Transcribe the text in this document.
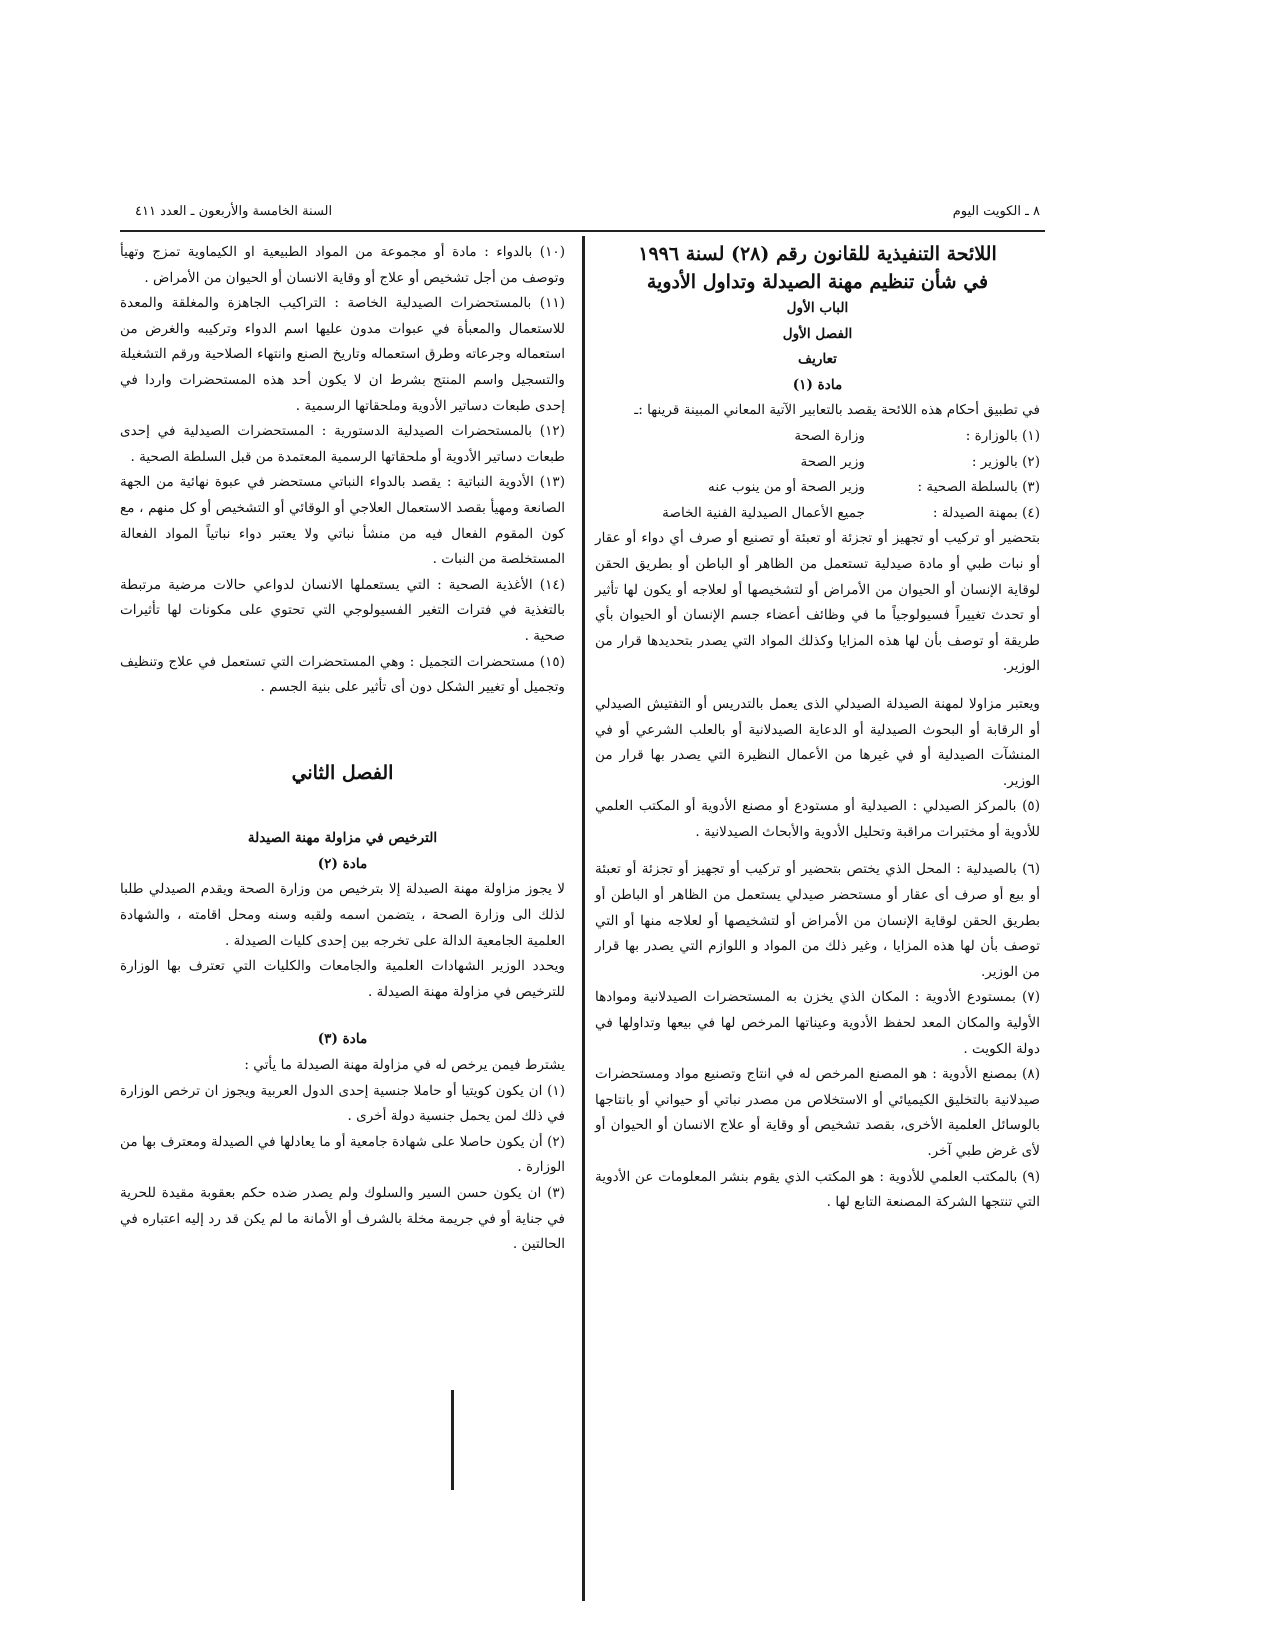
٨ ـ الكويت اليوم
السنة الخامسة والأربعون ـ العدد ٤١١

اللائحة التنفيذية للقانون رقم (٢٨) لسنة ١٩٩٦

في شأن تنظيم مهنة الصيدلة وتداول الأدوية

الباب الأول

الفصل الأول

تعاريف

مادة (١)

في تطبيق أحكام هذه اللائحة يقصد بالتعابير الآتية المعاني المبينة قرينها :ـ

(١) بالوزارة :
وزارة الصحة
(٢) بالوزير :
وزير الصحة
(٣) بالسلطة الصحية :
وزير الصحة أو من ينوب عنه
(٤) بمهنة الصيدلة :
جميع الأعمال الصيدلية الفنية الخاصة

بتحضير أو تركيب أو تجهيز أو تجزئة أو تعبئة أو تصنيع أو صرف أي دواء أو عقار أو نبات طبي أو مادة صيدلية تستعمل من الظاهر أو الباطن أو بطريق الحقن لوقاية الإنسان أو الحيوان من الأمراض أو لتشخيصها أو لعلاجه أو يكون لها تأثير أو تحدث تغييراً فسيولوجياً ما في وظائف أعضاء جسم الإنسان أو الحيوان بأي طريقة أو توصف بأن لها هذه المزايا وكذلك المواد التي يصدر بتحديدها قرار من الوزير.

ويعتبر مزاولا لمهنة الصيدلة الصيدلي الذى يعمل بالتدريس أو التفتيش الصيدلي أو الرقابة أو البحوث الصيدلية أو الدعاية الصيدلانية أو بالعلب الشرعي أو في المنشآت الصيدلية أو في غيرها من الأعمال النظيرة التي يصدر بها قرار من الوزير.

(٥) بالمركز الصيدلي : الصيدلية أو مستودع أو مصنع الأدوية أو المكتب العلمي للأدوية أو مختبرات مراقبة وتحليل الأدوية والأبحاث الصيدلانية .

(٦) بالصيدلية : المحل الذي يختص بتحضير أو تركيب أو تجهيز أو تجزئة أو تعبئة أو بيع أو صرف أى عقار أو مستحضر صيدلي يستعمل من الظاهر أو الباطن أو بطريق الحقن لوقاية الإنسان من الأمراض أو لتشخيصها أو لعلاجه منها أو التي توصف بأن لها هذه المزايا ، وغير ذلك من المواد و اللوازم التي يصدر بها قرار من الوزير.

(٧) بمستودع الأدوية : المكان الذي يخزن به المستحضرات الصيدلانية وموادها الأولية والمكان المعد لحفظ الأدوية وعيناتها المرخص لها في بيعها وتداولها في دولة الكويت .

(٨) بمصنع الأدوية : هو المصنع المرخص له في انتاج وتصنيع مواد ومستحضرات صيدلانية بالتخليق الكيميائي أو الاستخلاص من مصدر نباتي أو حيواني أو بانتاجها بالوسائل العلمية الأخرى، بقصد تشخيص أو وقاية أو علاج الانسان أو الحيوان أو لأى غرض طبي آخر.

(٩) بالمكتب العلمي للأدوية : هو المكتب الذي يقوم بنشر المعلومات عن الأدوية التي تنتجها الشركة المصنعة التابع لها .

(١٠) بالدواء : مادة أو مجموعة من المواد الطبيعية او الكيماوية تمزج وتهيأ وتوصف من أجل تشخيص أو علاج أو وقاية الانسان أو الحيوان من الأمراض .

(١١) بالمستحضرات الصيدلية الخاصة : التراكيب الجاهزة والمغلقة والمعدة للاستعمال والمعبأة في عبوات مدون عليها اسم الدواء وتركيبه والغرض من استعماله وجرعاته وطرق استعماله وتاريخ الصنع وانتهاء الصلاحية ورقم التشغيلة والتسجيل واسم المنتج بشرط ان لا يكون أحد هذه المستحضرات واردا في إحدى طبعات دساتير الأدوية وملحقاتها الرسمية .

(١٢) بالمستحضرات الصيدلية الدستورية : المستحضرات الصيدلية في إحدى طبعات دساتير الأدوية أو ملحقاتها الرسمية المعتمدة من قبل السلطة الصحية .

(١٣) الأدوية النباتية : يقصد بالدواء النباتي مستحضر في عبوة نهائية من الجهة الصانعة ومهيأ بقصد الاستعمال العلاجي أو الوقائي أو التشخيص أو كل منهم ، مع كون المقوم الفعال فيه من منشأ نباتي ولا يعتبر دواء نباتياً المواد الفعالة المستخلصة من النبات .

(١٤) الأغذية الصحية : التي يستعملها الانسان لدواعي حالات مرضية مرتبطة بالتغذية في فترات التغير الفسيولوجي التي تحتوي على مكونات لها تأثيرات صحية .

(١٥) مستحضرات التجميل : وهي المستحضرات التي تستعمل في علاج وتنظيف وتجميل أو تغيير الشكل دون أى تأثير على بنية الجسم .

الفصل الثاني

الترخيص في مزاولة مهنة الصيدلة

مادة (٢)

لا يجوز مزاولة مهنة الصيدلة إلا بترخيص من وزارة الصحة ويقدم الصيدلي طلبا لذلك الى وزارة الصحة ، يتضمن اسمه ولقبه وسنه ومحل اقامته ، والشهادة العلمية الجامعية الدالة على تخرجه بين إحدى كليات الصيدلة .

ويحدد الوزير الشهادات العلمية والجامعات والكليات التي تعترف بها الوزارة للترخيص في مزاولة مهنة الصيدلة .

مادة (٣)

يشترط فيمن يرخص له في مزاولة مهنة الصيدلة ما يأتي :

(١) ان يكون كويتيا أو حاملا جنسية إحدى الدول العربية ويجوز ان ترخص الوزارة في ذلك لمن يحمل جنسية دولة أخرى .

(٢) أن يكون حاصلا على شهادة جامعية أو ما يعادلها في الصيدلة ومعترف بها من الوزارة .

(٣) ان يكون حسن السير والسلوك ولم يصدر ضده حكم بعقوبة مقيدة للحرية في جناية أو في جريمة مخلة بالشرف أو الأمانة ما لم يكن قد رد إليه اعتباره في الحالتين .
